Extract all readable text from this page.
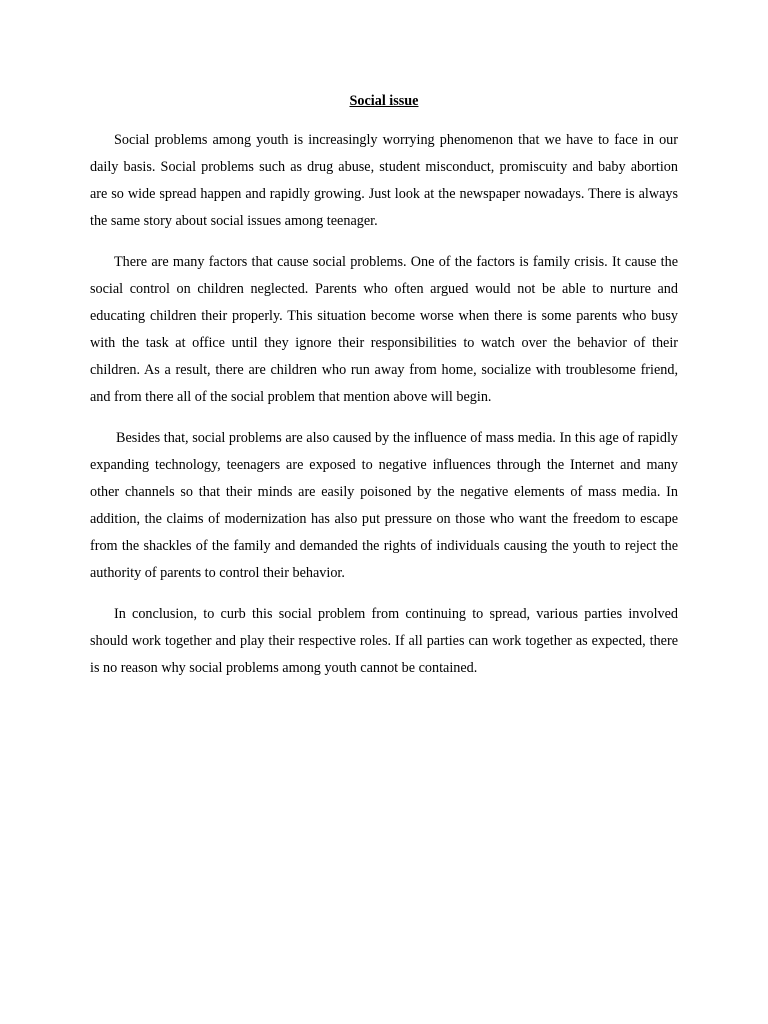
Social issue

Social problems among youth is increasingly worrying phenomenon that we have to face in our daily basis. Social problems such as drug abuse, student misconduct, promiscuity and baby abortion are so wide spread happen and rapidly growing. Just look at the newspaper nowadays. There is always the same story about social issues among teenager.

There are many factors that cause social problems. One of the factors is family crisis. It cause the social control on children neglected. Parents who often argued would not be able to nurture and educating children their properly. This situation become worse when there is some parents who busy with the task at office until they ignore their responsibilities to watch over the behavior of their children. As a result, there are children who run away from home, socialize with troublesome friend, and from there all of the social problem that mention above will begin.

Besides that, social problems are also caused by the influence of mass media. In this age of rapidly expanding technology, teenagers are exposed to negative influences through the Internet and many other channels so that their minds are easily poisoned by the negative elements of mass media. In addition, the claims of modernization has also put pressure on those who want the freedom to escape from the shackles of the family and demanded the rights of individuals causing the youth to reject the authority of parents to control their behavior.

In conclusion, to curb this social problem from continuing to spread, various parties involved should work together and play their respective roles. If all parties can work together as expected, there is no reason why social problems among youth cannot be contained.
